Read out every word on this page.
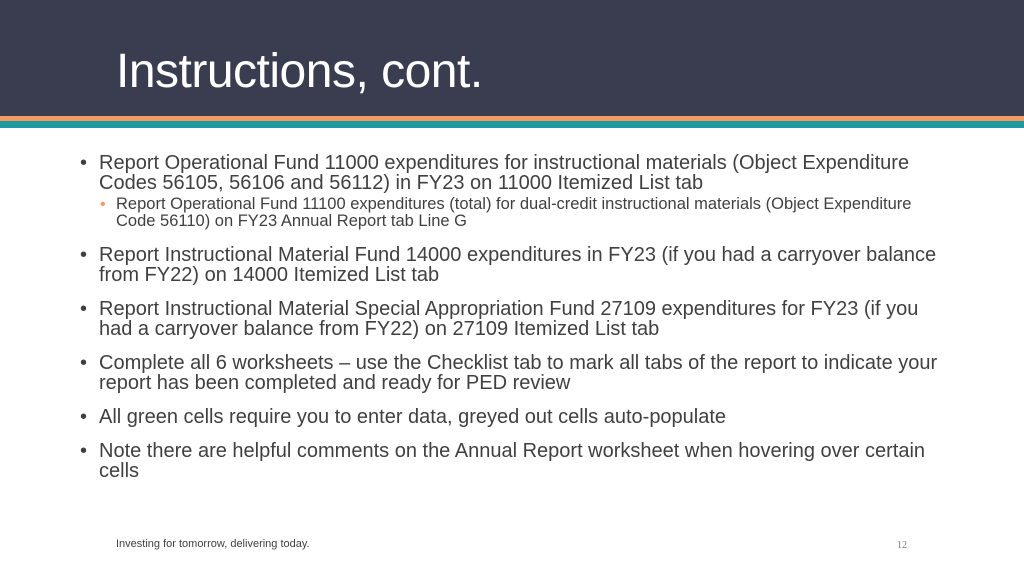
Instructions, cont.
• Report Operational Fund 11000 expenditures for instructional materials (Object Expenditure Codes 56105, 56106 and 56112) in FY23 on 11000 Itemized List tab
• Report Operational Fund 11100 expenditures (total) for dual-credit instructional materials (Object Expenditure Code 56110) on FY23 Annual Report tab Line G
• Report Instructional Material Fund 14000 expenditures in FY23 (if you had a carryover balance from FY22) on 14000 Itemized List tab
• Report Instructional Material Special Appropriation Fund 27109 expenditures for FY23 (if you had a carryover balance from FY22) on 27109 Itemized List tab
• Complete all 6 worksheets – use the Checklist tab to mark all tabs of the report to indicate your report has been completed and ready for PED review
• All green cells require you to enter data, greyed out cells auto-populate
• Note there are helpful comments on the Annual Report worksheet when hovering over certain cells
Investing for tomorrow, delivering today.	12
